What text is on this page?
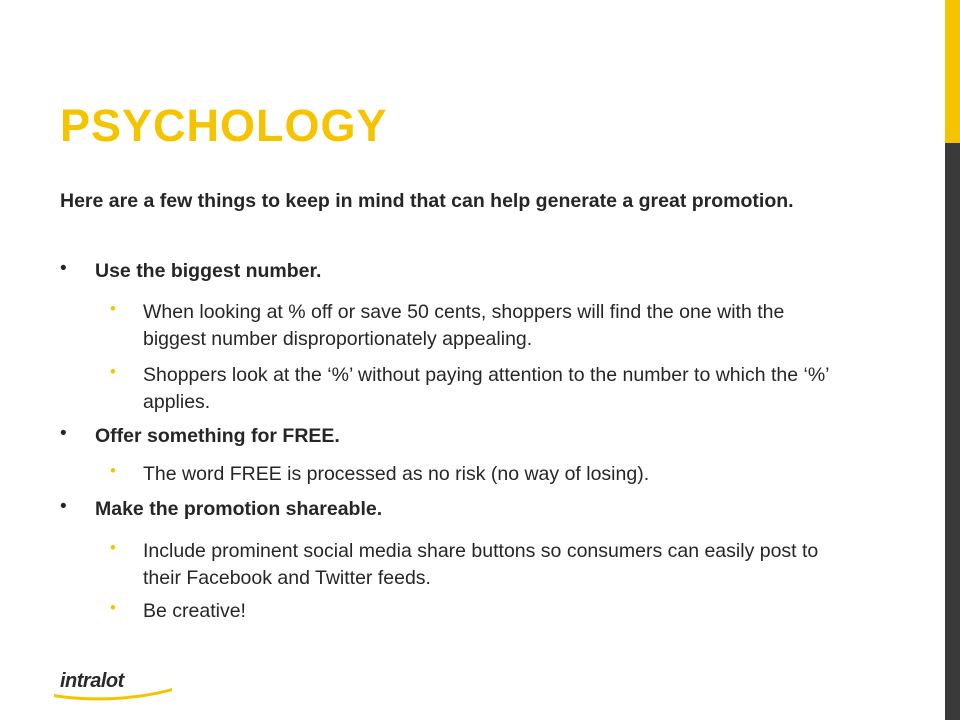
PSYCHOLOGY

Here are a few things to keep in mind that can help generate a great promotion.

• Use the biggest number.
• When looking at % off or save 50 cents, shoppers will find the one with the biggest number disproportionately appealing.
• Shoppers look at the ‘%’ without paying attention to the number to which the ‘%’ applies.
• Offer something for FREE.
• The word FREE is processed as no risk (no way of losing).
• Make the promotion shareable.
• Include prominent social media share buttons so consumers can easily post to their Facebook and Twitter feeds.
• Be creative!
intralot
